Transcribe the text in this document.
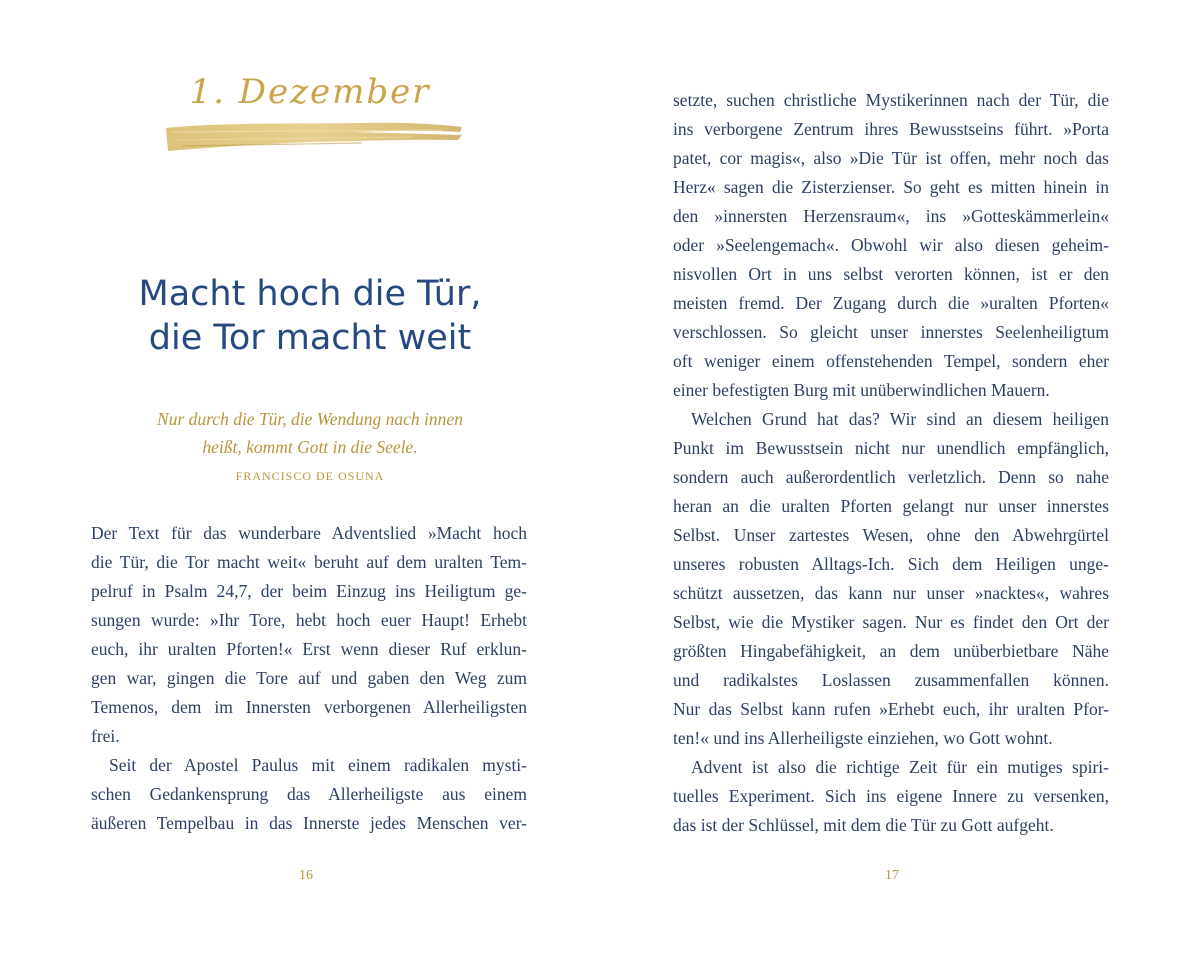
1. Dezember
Macht hoch die Tür,
die Tor macht weit
Nur durch die Tür, die Wendung nach innen
heißt, kommt Gott in die Seele.
FRANCISCO DE OSUNA
Der Text für das wunderbare Adventslied »Macht hoch
die Tür, die Tor macht weit« beruht auf dem uralten Tem-
pelruf in Psalm 24,7, der beim Einzug ins Heiligtum ge-
sungen wurde: »Ihr Tore, hebt hoch euer Haupt! Erhebt
euch, ihr uralten Pforten!« Erst wenn dieser Ruf erklun-
gen war, gingen die Tore auf und gaben den Weg zum
Temenos, dem im Innersten verborgenen Allerheiligsten
frei.
Seit der Apostel Paulus mit einem radikalen mysti-
schen Gedankensprung das Allerheiligste aus einem
äußeren Tempelbau in das Innerste jedes Menschen ver-
16
setzte, suchen christliche Mystikerinnen nach der Tür, die
ins verborgene Zentrum ihres Bewusstseins führt. »Porta
patet, cor magis«, also »Die Tür ist offen, mehr noch das
Herz« sagen die Zisterzienser. So geht es mitten hinein in
den »innersten Herzensraum«, ins »Gotteskämmerlein«
oder »Seelengemach«. Obwohl wir also diesen geheim-
nisvollen Ort in uns selbst verorten können, ist er den
meisten fremd. Der Zugang durch die »uralten Pforten«
verschlossen. So gleicht unser innerstes Seelenheiligtum
oft weniger einem offenstehenden Tempel, sondern eher
einer befestigten Burg mit unüberwindlichen Mauern.
Welchen Grund hat das? Wir sind an diesem heiligen
Punkt im Bewusstsein nicht nur unendlich empfänglich,
sondern auch außerordentlich verletzlich. Denn so nahe
heran an die uralten Pforten gelangt nur unser innerstes
Selbst. Unser zartestes Wesen, ohne den Abwehrgürtel
unseres robusten Alltags-Ich. Sich dem Heiligen unge-
schützt aussetzen, das kann nur unser »nacktes«, wahres
Selbst, wie die Mystiker sagen. Nur es findet den Ort der
größten Hingabefähigkeit, an dem unüberbietbare Nähe
und radikalstes Loslassen zusammenfallen können.
Nur das Selbst kann rufen »Erhebt euch, ihr uralten Pfor-
ten!« und ins Allerheiligste einziehen, wo Gott wohnt.
Advent ist also die richtige Zeit für ein mutiges spiri-
tuelles Experiment. Sich ins eigene Innere zu versenken,
das ist der Schlüssel, mit dem die Tür zu Gott aufgeht.
17
